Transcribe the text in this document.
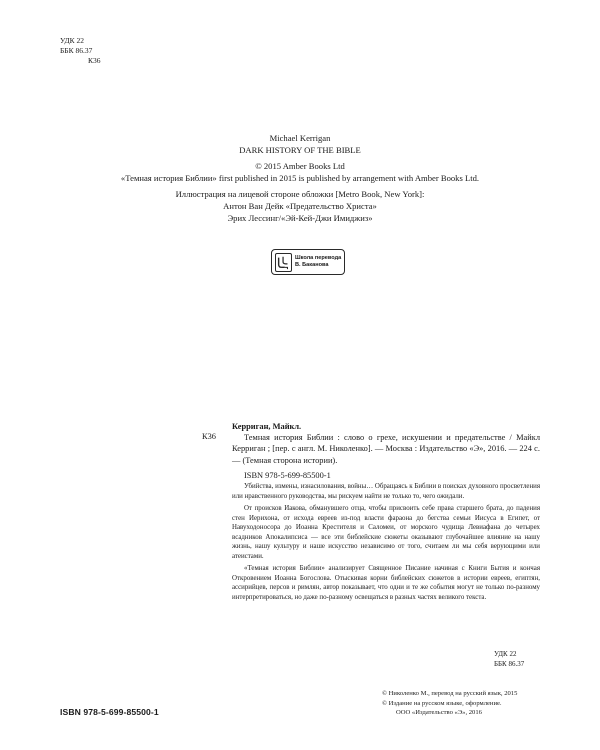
УДК 22
ББК 86.37
К36
Michael Kerrigan
DARK HISTORY OF THE BIBLE
© 2015 Amber Books Ltd
«Темная история Библии» first published in 2015 is published by arrangement with Amber Books Ltd.
Иллюстрация на лицевой стороне обложки [Metro Book, New York]:
Антон Ван Дейк «Предательство Христа»
Эрих Лессинг/«Эй-Кей-Джи Имиджиз»
Школа перевода
В. Баканова
К36
Керриган, Майкл.
Темная история Библии : слово о грехе, искушении и предательстве / Майкл Керриган ; [пер. с англ. М. Николенко]. — Москва : Издательство «Э», 2016. — 224 с. — (Темная сторона истории).
ISBN 978-5-699-85500-1

Убийства, измены, изнасилования, войны… Обращаясь к Библии в поисках духовного просветления или нравственного руководства, мы рискуем найти не только то, чего ожидали.

От происков Иакова, обманувшего отца, чтобы присвоить себе права старшего брата, до падения стен Иерихона, от исхода евреев из-под власти фараона до бегства семьи Иисуса в Египет, от Навуходоносора до Иоанна Крестителя и Саломеи, от морского чудища Левиафана до четырех всадников Апокалипсиса — все эти библейские сюжеты оказывают глубочайшее влияние на нашу жизнь, нашу культуру и наше искусство независимо от того, считаем ли мы себя верующими или атеистами.

«Темная история Библии» анализирует Священное Писание начиная с Книги Бытия и кончая Откровением Иоанна Богослова. Отыскивая корни библейских сюжетов в истории евреев, египтян, ассирийцев, персов и римлян, автор показывает, что одни и те же события могут не только по-разному интерпретироваться, но даже по-разному освещаться в разных частях великого текста.

УДК 22
ББК 86.37
ISBN 978-5-699-85500-1
© Николенко М., перевод на русский язык, 2015
© Издание на русском языке, оформление.
ООО «Издательство «Э», 2016
